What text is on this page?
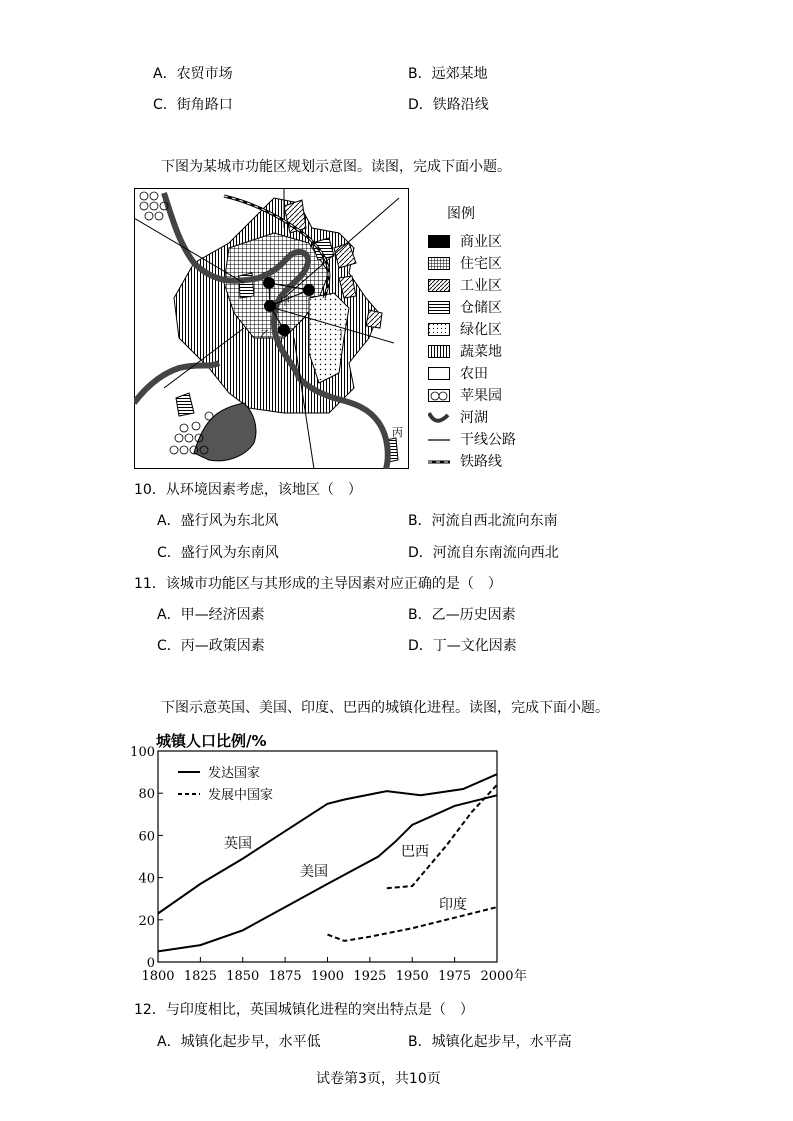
A．农贸市场	B．远郊某地
C．街角路口	D．铁路沿线
下图为某城市功能区规划示意图。读图，完成下面小题。
甲
乙
丙
丁
图例
商业区
住宅区
工业区
仓储区
绿化区
蔬菜地
农田
苹果园
河湖
干线公路
铁路线
10．从环境因素考虑，该地区（　）
A．盛行风为东北风	B．河流自西北流向东南
C．盛行风为东南风	D．河流自东南流向西北
11．该城市功能区与其形成的主导因素对应正确的是（　）
A．甲—经济因素	B．乙—历史因素
C．丙—政策因素	D．丁—文化因素
下图示意英国、美国、印度、巴西的城镇化进程。读图，完成下面小题。
城镇人口比例/%
0
20
40
60
80
100
1800 1825 1850 1875 1900 1925 1950 1975 2000 年
发达国家
发展中国家
英国
美国
巴西
印度
12．与印度相比，英国城镇化进程的突出特点是（　）
A．城镇化起步早，水平低	B．城镇化起步早，水平高
试卷第3页，共10页
